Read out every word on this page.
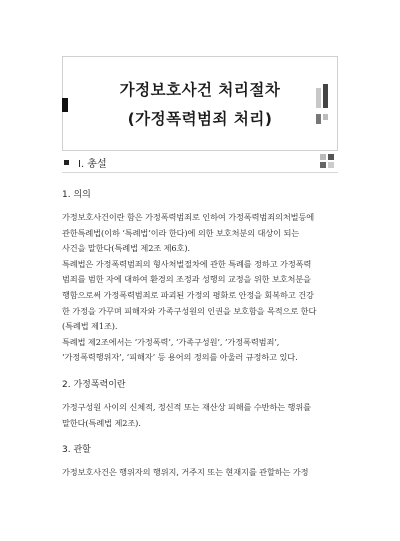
가정보호사건 처리절차
(가정폭력범죄 처리)
Ⅰ. 총설

1. 의의

가정보호사건이란 함은 가정폭력범죄로 인하여 가정폭력범죄의처벌등에

관한특례법(이하 ‘특례법’이라 한다)에 의한 보호처분의 대상이 되는

사건을 말한다(특례법 제2조 제6호).

특례법은 가정폭력범죄의 형사처벌절차에 관한 특례를 정하고 가정폭력

범죄를 범한 자에 대하여 환경의 조정과 성행의 교정을 위한 보호처분을

행함으로써 가정폭력범죄로 파괴된 가정의 평화로 안정을 회복하고 건강

한 가정을 가꾸며 피해자와 가족구성원의 인권을 보호함을 목적으로 한다

(특례법 제1조).

특례법 제2조에서는 ‘가정폭력’, ‘가족구성원’, ‘가정폭력범죄’,

‘가정폭력행위자’, ‘피해자’ 등 용어의 정의를 아울러 규정하고 있다.

2. 가정폭력이란

가정구성원 사이의 신체적, 정신적 또는 재산상 피해를 수반하는 행위를

말한다(특례법 제2조).

3. 관할

가정보호사건은 행위자의 행위지, 거주지 또는 현재지를 관할하는 가정
